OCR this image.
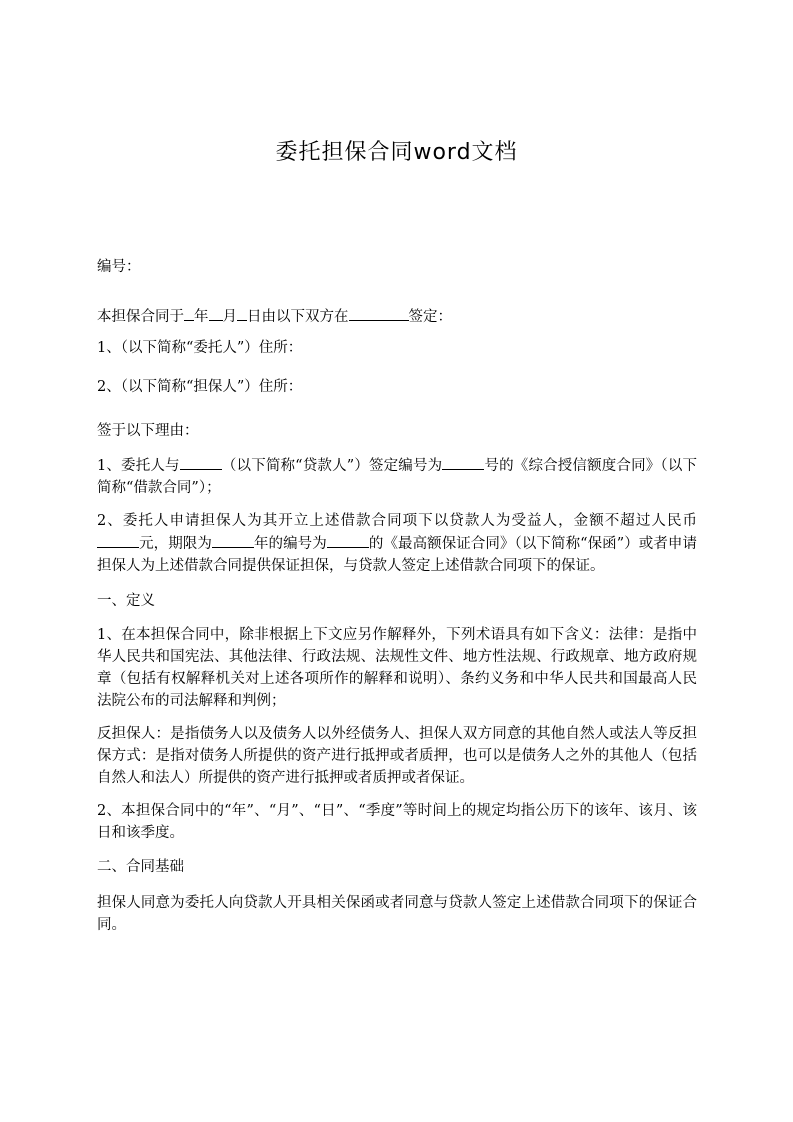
委托担保合同word文档

编号：

本担保合同于 年 月 日由以下双方在	签定：

1、（以下简称“委托人”）住所：

2、（以下简称“担保人”）住所：

签于以下理由：

1、委托人与	（以下简称“贷款人”）签定编号为	号的《综合授信额度合同》（以下简称“借款合同”）；

2、委托人申请担保人为其开立上述借款合同项下以贷款人为受益人，金额不超过人民币元，期限为	年的编号为	的《最高额保证合同》（以下简称“保函”）或者申请担保人为上述借款合同提供保证担保，与贷款人签定上述借款合同项下的保证。

一、定义

1、在本担保合同中，除非根据上下文应另作解释外，下列术语具有如下含义：法律：是指中华人民共和国宪法、其他法律、行政法规、法规性文件、地方性法规、行政规章、地方政府规章（包括有权解释机关对上述各项所作的解释和说明）、条约义务和中华人民共和国最高人民法院公布的司法解释和判例；

反担保人：是指债务人以及债务人以外经债务人、担保人双方同意的其他自然人或法人等反担保方式：是指对债务人所提供的资产进行抵押或者质押，也可以是债务人之外的其他人（包括自然人和法人）所提供的资产进行抵押或者质押或者保证。

2、本担保合同中的“年”、“月”、“日”、“季度”等时间上的规定均指公历下的该年、该月、该日和该季度。

二、合同基础

担保人同意为委托人向贷款人开具相关保函或者同意与贷款人签定上述借款合同项下的保证合同。
